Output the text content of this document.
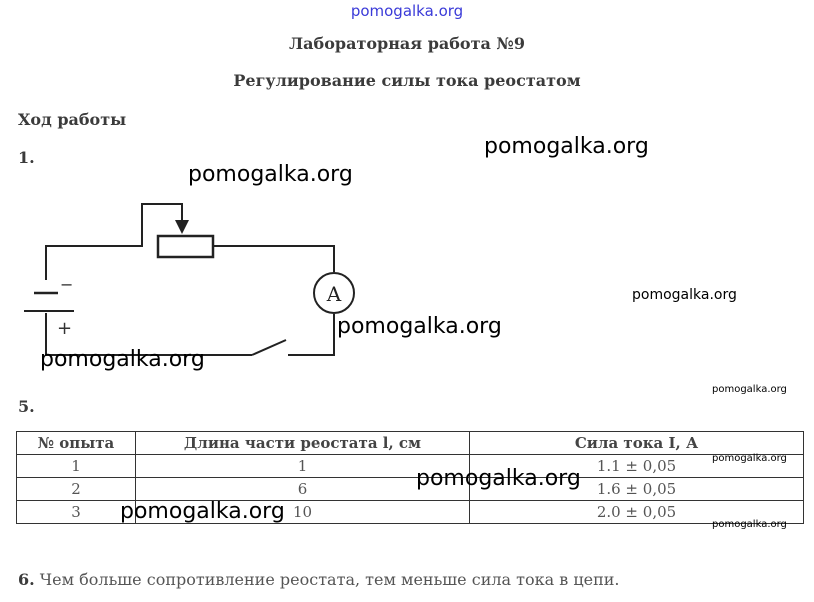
pomogalka.org
Лабораторная работа №9
Регулирование силы тока реостатом
Ход работы
1.
−
+
A
5.
№ опыта	Длина части реостата l, см	Сила тока I, А
1	1	1.1 ± 0,05
2	6	1.6 ± 0,05
3	10	2.0 ± 0,05
6. Чем больше сопротивление реостата, тем меньше сила тока в цепи.
pomogalka.org
pomogalka.org
pomogalka.org
pomogalka.org
pomogalka.org
pomogalka.org
pomogalka.org
pomogalka.org
pomogalka.org
pomogalka.org
